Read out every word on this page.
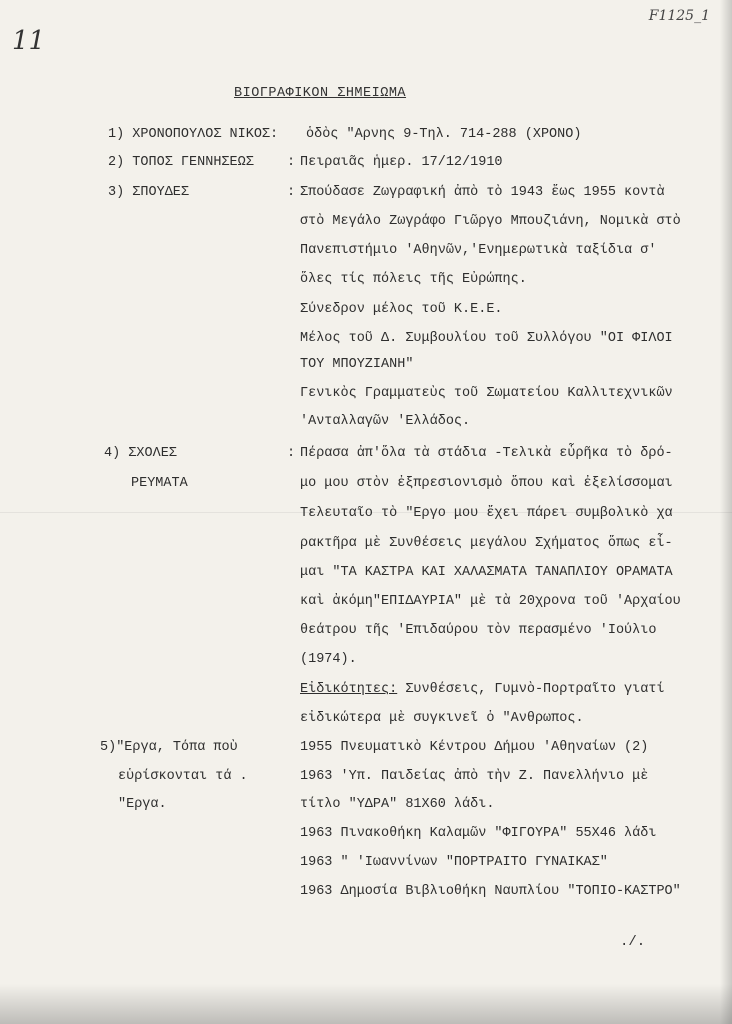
11
F1125_1
ΒΙΟΓΡΑΦΙΚΟΝ ΣΗΜΕΙΩΜΑ
1) ΧΡΟΝΟΠΟΥΛΟΣ ΝΙΚΟΣ: ὁδὸς "Αρνης 9-Τηλ. 714-288 (ΧΡΟΝΟ)
2) ΤΟΠΟΣ ΓΕΝΝΗΣΕΩΣ : Πειραιᾶς ἡμερ. 17/12/1910
3) ΣΠΟΥΔΕΣ	: Σπούδασε Ζωγραφική ἀπὸ τὸ 1943 ἕως 1955 κοντὰ
στὸ Μεγάλο Ζωγράφο Γιῶργο Μπουζιάνη, Νομικὰ στὸ
Πανεπιστήμιο 'Αθηνῶν,'Ενημερωτικὰ ταξίδια σ'
ὅλες τίς πόλεις τῆς Εὐρώπης.
Σύνεδρον μέλος τοῦ Κ.Ε.Ε.
Μέλος τοῦ Δ. Συμβουλίου τοῦ Συλλόγου "ΟΙ ΦΙΛΟΙ
ΤΟΥ ΜΠΟΥΖΙΑΝΗ"
Γενικὸς Γραμματεὺς τοῦ Σωματείου Καλλιτεχνικῶν
'Ανταλλαγῶν 'Ελλάδος.
4) ΣΧΟΛΕΣ
ΡΕΥΜΑΤΑ
: Πέρασα ἀπ'ὅλα τὰ στάδια -Τελικὰ εὗρῆκα τὸ δρό-
μο μου στὸν ἐξπρεσιονισμὸ ὅπου καὶ ἐξελίσσομαι
Τελευταῖο τὸ "Εργο μου ἔχει πάρει συμβολικὸ χα
ρακτῆρα μὲ Συνθέσεις μεγάλου Σχήματος ὅπως εἶ-
μαι "ΤΑ ΚΑΣΤΡΑ ΚΑΙ ΧΑΛΑΣΜΑΤΑ ΤΑΝΑΠΛΙΟΥ ΟΡΑΜΑΤΑ
καὶ ἀκόμη"ΕΠΙΔΑΥΡΙΑ" μὲ τὰ 20χρονα τοῦ 'Αρχαίου
θεάτρου τῆς 'Επιδαύρου τὸν περασμένο 'Ιούλιο
(1974).
Εἰδικότητες: Συνθέσεις, Γυμνὸ-Πορτραῖτο γιατί
εἰδικώτερα μὲ συγκινεῖ ὁ "Ανθρωπος.
5)"Εργα, Τόπα ποὺ
εὑρίσκονται τά .
"Εργα.
1955 Πνευματικὸ Κέντρου Δήμου 'Αθηναίων (2)
1963 'Υπ. Παιδείας ἀπὸ τὴν Ζ. Πανελλήνιο μὲ
τίτλο "ΥΔΡΑ" 81Χ60 λάδι.
1963 Πινακοθήκη Καλαμῶν "ΦΙΓΟΥΡΑ" 55Χ46 λάδι
1963 " 'Ιωαννίνων "ΠΟΡΤΡΑΙΤΟ ΓΥΝΑΙΚΑΣ"
1963 Δημοσία Βιβλιοθήκη Ναυπλίου "ΤΟΠΙΟ-ΚΑΣΤΡΟ"
./.
